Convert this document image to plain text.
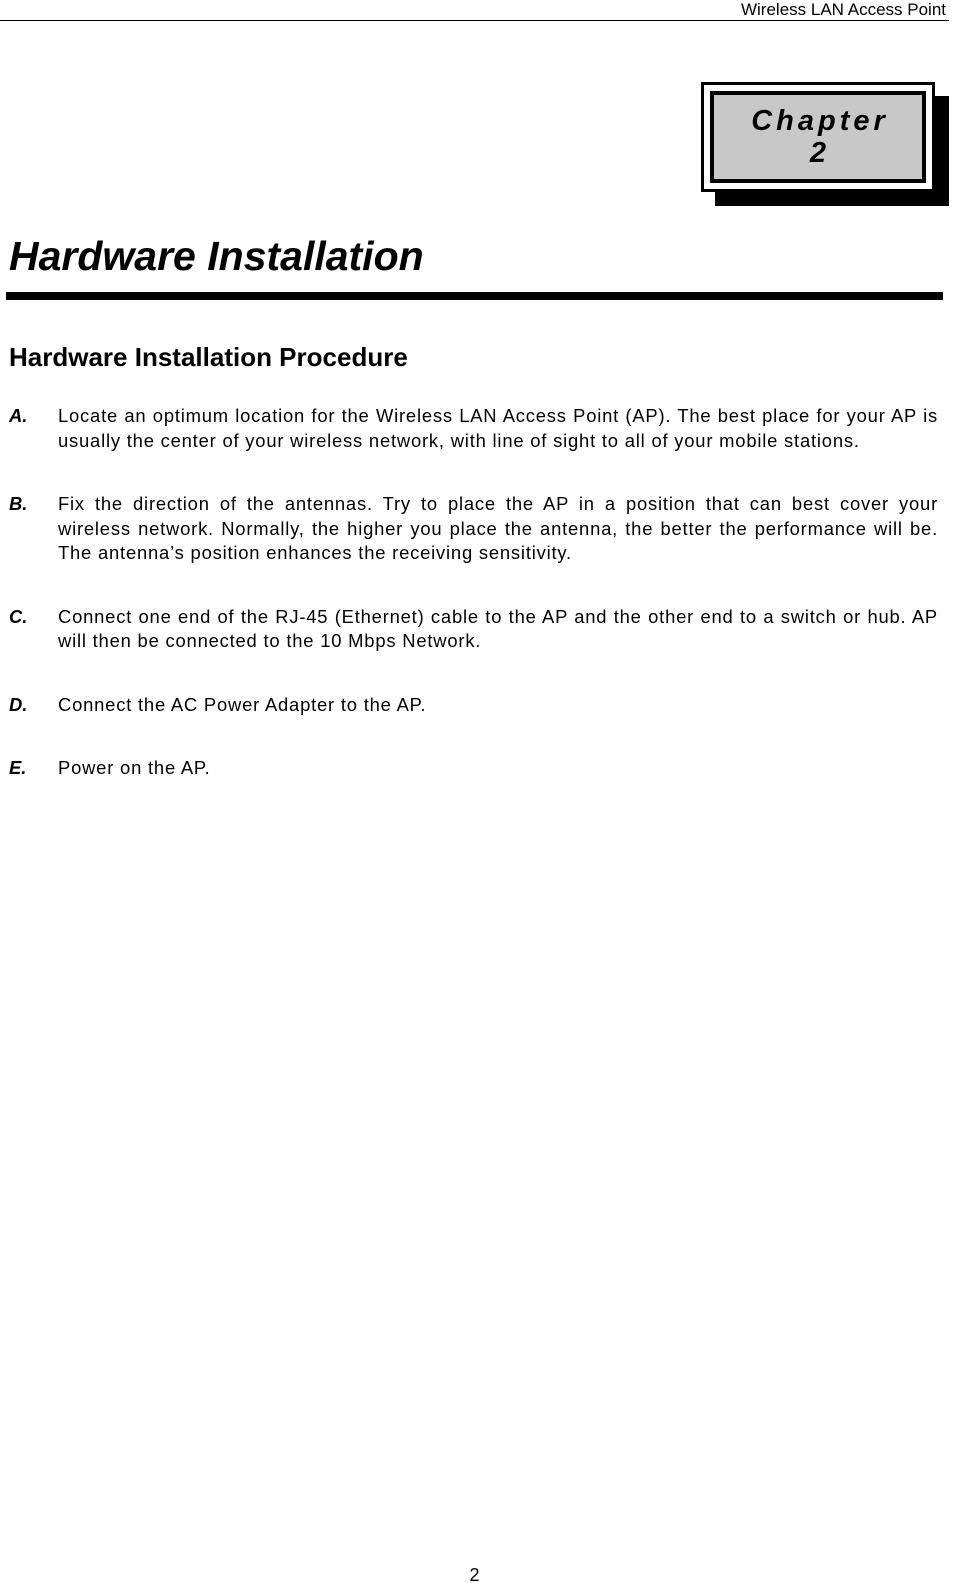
Wireless LAN Access Point
Chapter
2
Hardware Installation
Hardware Installation Procedure
A. Locate an optimum location for the Wireless LAN Access Point (AP). The best place for your AP is usually the center of your wireless network, with line of sight to all of your mobile stations.
B. Fix the direction of the antennas. Try to place the AP in a position that can best cover your wireless network. Normally, the higher you place the antenna, the better the performance will be. The antenna’s position enhances the receiving sensitivity.
C. Connect one end of the RJ-45 (Ethernet) cable to the AP and the other end to a switch or hub. AP will then be connected to the 10 Mbps Network.
D. Connect the AC Power Adapter to the AP.
E. Power on the AP.
2
